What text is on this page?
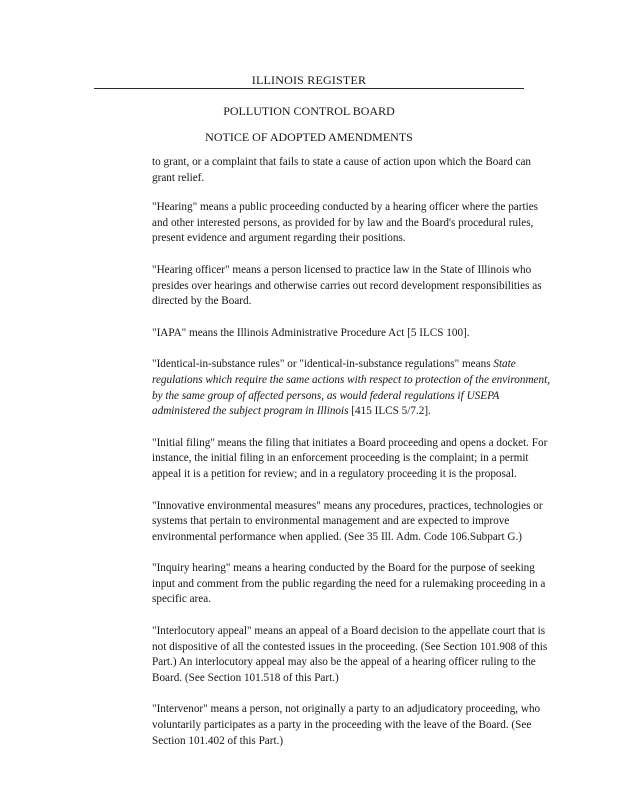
ILLINOIS REGISTER
POLLUTION CONTROL BOARD
NOTICE OF ADOPTED AMENDMENTS

to grant, or a complaint that fails to state a cause of action upon which the Board can grant relief.

"Hearing" means a public proceeding conducted by a hearing officer where the parties and other interested persons, as provided for by law and the Board's procedural rules, present evidence and argument regarding their positions.

"Hearing officer" means a person licensed to practice law in the State of Illinois who presides over hearings and otherwise carries out record development responsibilities as directed by the Board.

"IAPA" means the Illinois Administrative Procedure Act [5 ILCS 100].

"Identical-in-substance rules" or "identical-in-substance regulations" means State regulations which require the same actions with respect to protection of the environment, by the same group of affected persons, as would federal regulations if USEPA administered the subject program in Illinois [415 ILCS 5/7.2].

"Initial filing" means the filing that initiates a Board proceeding and opens a docket. For instance, the initial filing in an enforcement proceeding is the complaint; in a permit appeal it is a petition for review; and in a regulatory proceeding it is the proposal.

"Innovative environmental measures" means any procedures, practices, technologies or systems that pertain to environmental management and are expected to improve environmental performance when applied. (See 35 Ill. Adm. Code 106.Subpart G.)

"Inquiry hearing" means a hearing conducted by the Board for the purpose of seeking input and comment from the public regarding the need for a rulemaking proceeding in a specific area.

"Interlocutory appeal" means an appeal of a Board decision to the appellate court that is not dispositive of all the contested issues in the proceeding. (See Section 101.908 of this Part.) An interlocutory appeal may also be the appeal of a hearing officer ruling to the Board. (See Section 101.518 of this Part.)

"Intervenor" means a person, not originally a party to an adjudicatory proceeding, who voluntarily participates as a party in the proceeding with the leave of the Board. (See Section 101.402 of this Part.)
